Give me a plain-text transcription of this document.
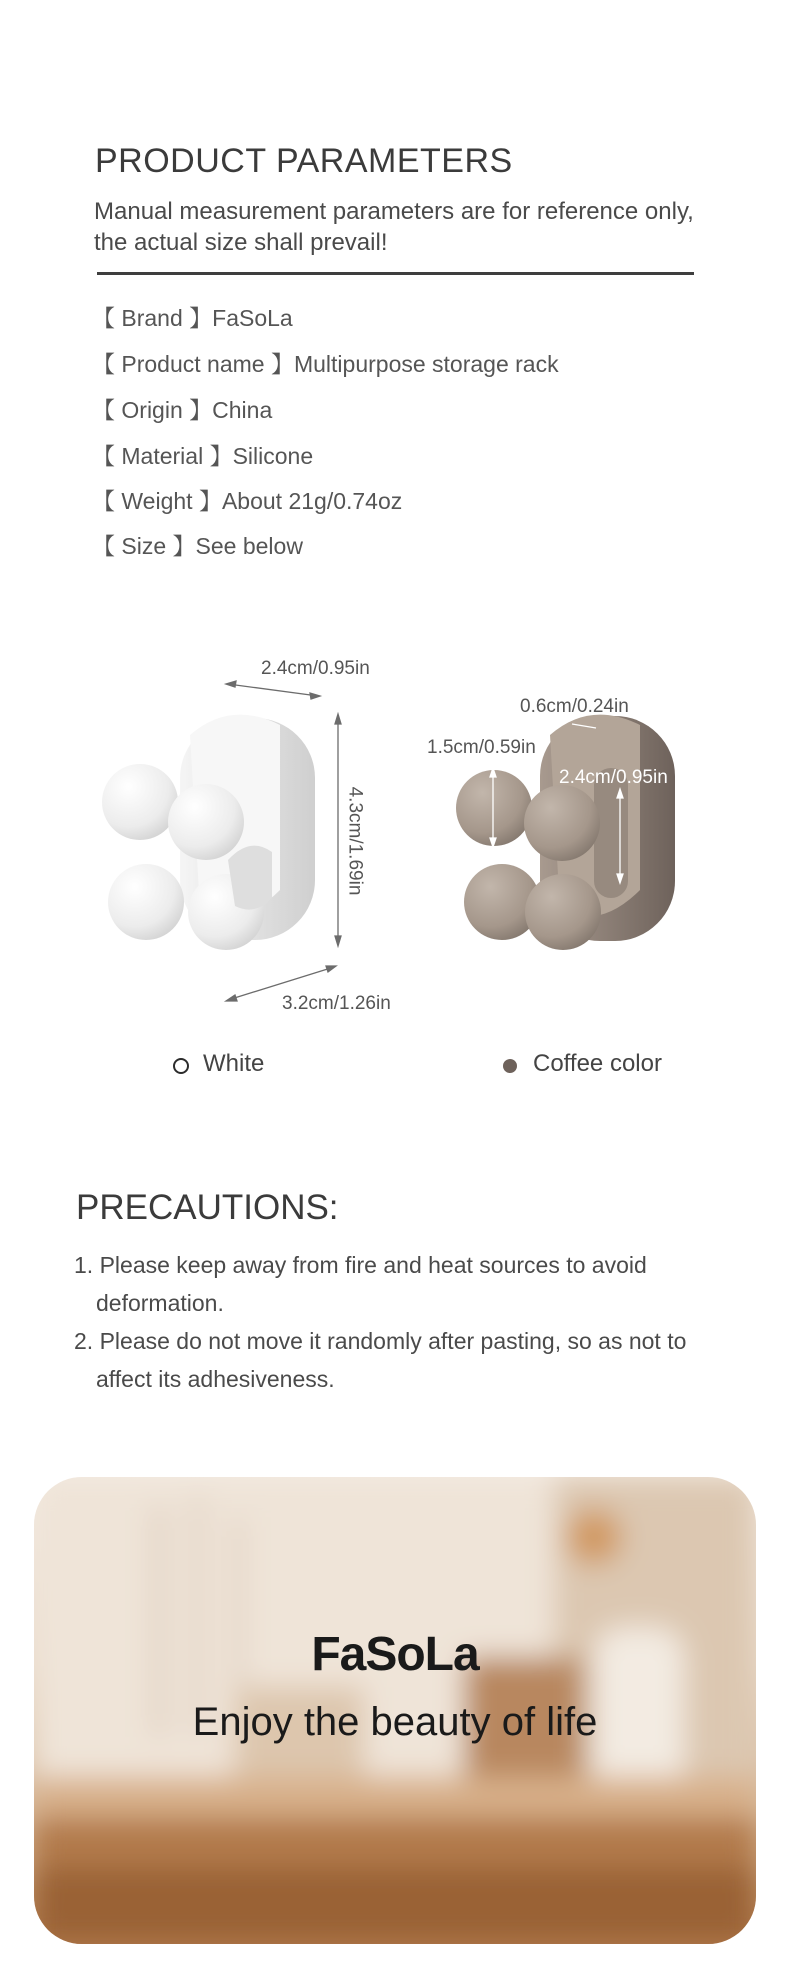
PRODUCT PARAMETERS
Manual measurement parameters are for reference only,
the actual size shall prevail!
【 Brand 】FaSoLa
【 Product name 】Multipurpose storage rack
【 Origin 】China
【 Material 】Silicone
【 Weight 】About 21g/0.74oz
【 Size 】See below
2.4cm/0.95in
4.3cm/1.69in
3.2cm/1.26in
0.6cm/0.24in
1.5cm/0.59in
2.4cm/0.95in
White	Coffee color
PRECAUTIONS:
1. Please keep away from fire and heat sources to avoid
deformation.
2. Please do not move it randomly after pasting, so as not to
affect its adhesiveness.
FaSoLa
Enjoy the beauty of life
